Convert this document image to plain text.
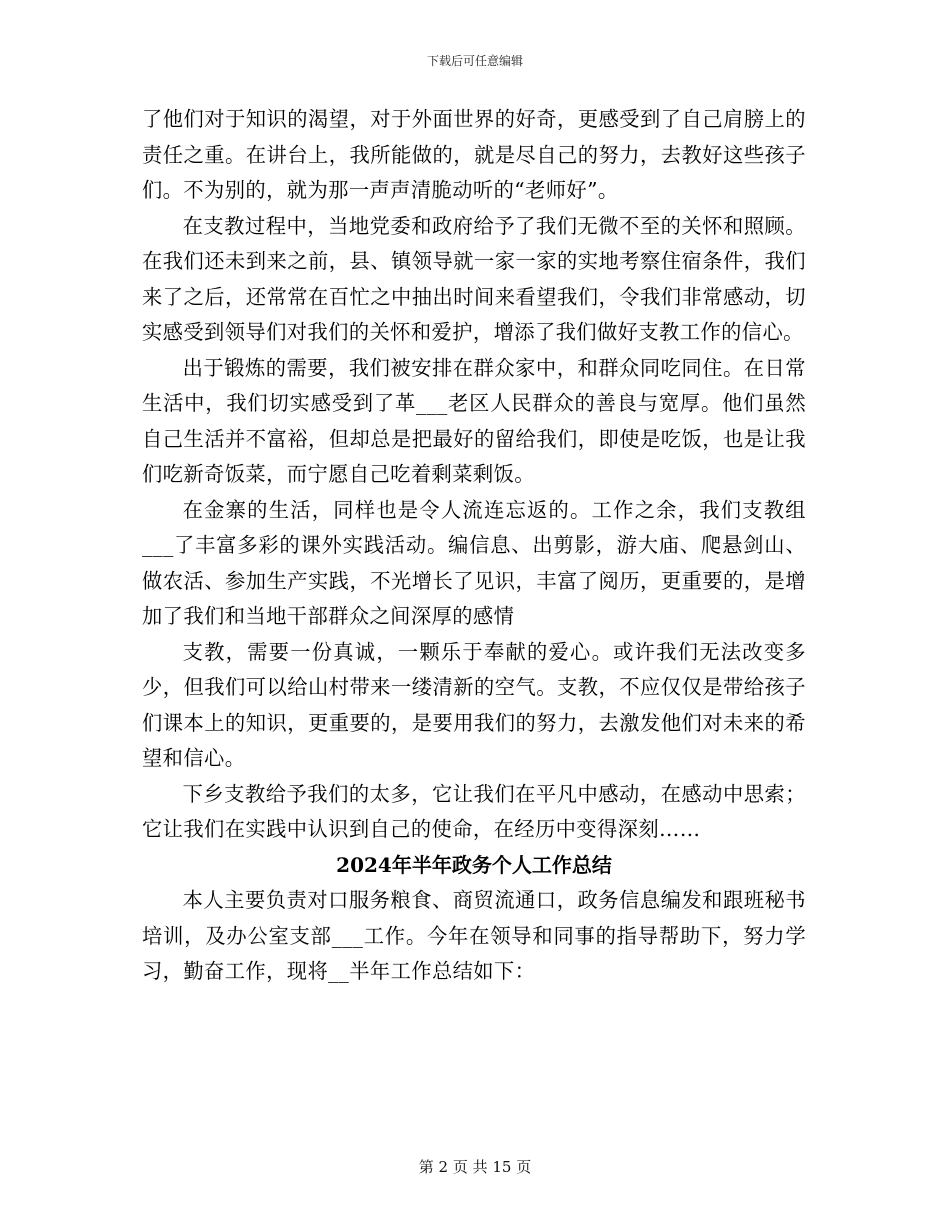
下载后可任意编辑

了他们对于知识的渴望，对于外面世界的好奇，更感受到了自己肩膀上的责任之重。在讲台上，我所能做的，就是尽自己的努力，去教好这些孩子们。不为别的，就为那一声声清脆动听的“老师好”。

在支教过程中，当地党委和政府给予了我们无微不至的关怀和照顾。在我们还未到来之前，县、镇领导就一家一家的实地考察住宿条件，我们来了之后，还常常在百忙之中抽出时间来看望我们，令我们非常感动，切实感受到领导们对我们的关怀和爱护，增添了我们做好支教工作的信心。

出于锻炼的需要，我们被安排在群众家中，和群众同吃同住。在日常生活中，我们切实感受到了革___老区人民群众的善良与宽厚。他们虽然自己生活并不富裕，但却总是把最好的留给我们，即使是吃饭，也是让我们吃新奇饭菜，而宁愿自己吃着剩菜剩饭。

在金寨的生活，同样也是令人流连忘返的。工作之余，我们支教组___了丰富多彩的课外实践活动。编信息、出剪影，游大庙、爬悬剑山、做农活、参加生产实践，不光增长了见识，丰富了阅历，更重要的，是增加了我们和当地干部群众之间深厚的感情

支教，需要一份真诚，一颗乐于奉献的爱心。或许我们无法改变多少，但我们可以给山村带来一缕清新的空气。支教，不应仅仅是带给孩子们课本上的知识，更重要的，是要用我们的努力，去激发他们对未来的希望和信心。

下乡支教给予我们的太多，它让我们在平凡中感动，在感动中思索；它让我们在实践中认识到自己的使命，在经历中变得深刻……

2024年半年政务个人工作总结

本人主要负责对口服务粮食、商贸流通口，政务信息编发和跟班秘书培训，及办公室支部___工作。今年在领导和同事的指导帮助下，努力学习，勤奋工作，现将__半年工作总结如下：

第 2 页 共 15 页
